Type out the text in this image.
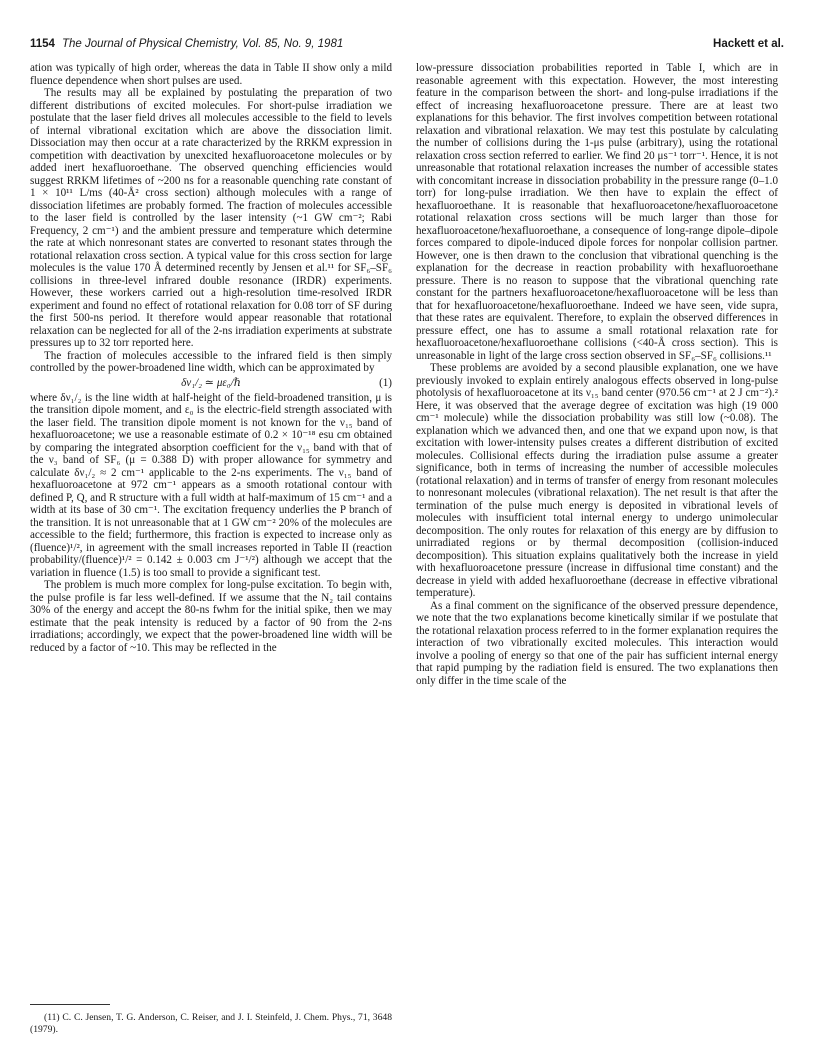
1154 The Journal of Physical Chemistry, Vol. 85, No. 9, 1981	Hackett et al.

ation was typically of high order, whereas the data in Table II show only a mild fluence dependence when short pulses are used.

The results may all be explained by postulating the preparation of two different distributions of excited molecules. For short-pulse irradiation we postulate that the laser field drives all molecules accessible to the field to levels of internal vibrational excitation which are above the dissociation limit. Dissociation may then occur at a rate characterized by the RRKM expression in competition with deactivation by unexcited hexafluoroacetone molecules or by added inert hexafluoroethane. The observed quenching efficiencies would suggest RRKM lifetimes of ~200 ns for a reasonable quenching rate constant of 1 × 10¹¹ L/ms (40-Å² cross section) although molecules with a range of dissociation lifetimes are probably formed. The fraction of molecules accessible to the laser field is controlled by the laser intensity (~1 GW cm⁻²; Rabi Frequency, 2 cm⁻¹) and the ambient pressure and temperature which determine the rate at which nonresonant states are converted to resonant states through the rotational relaxation cross section. A typical value for this cross section for large molecules is the value 170 Å determined recently by Jensen et al.¹¹ for SF₆–SF₆ collisions in three-level infrared double resonance (IRDR) experiments. However, these workers carried out a high-resolution time-resolved IRDR experiment and found no effect of rotational relaxation for 0.08 torr of SF during the first 500-ns period. It therefore would appear reasonable that rotational relaxation can be neglected for all of the 2-ns irradiation experiments at substrate pressures up to 32 torr reported here.

The fraction of molecules accessible to the infrared field is then simply controlled by the power-broadened line width, which can be approximated by

δν₁/₂ ≃ με₀/ℏ	(1)

where δν₁/₂ is the line width at half-height of the field-broadened transition, μ is the transition dipole moment, and ε₀ is the electric-field strength associated with the laser field. The transition dipole moment is not known for the ν₁₅ band of hexafluoroacetone; we use a reasonable estimate of 0.2 × 10⁻¹⁸ esu cm obtained by comparing the integrated absorption coefficient for the ν₁₅ band with that of the ν₃ band of SF₆ (μ = 0.388 D) with proper allowance for symmetry and calculate δν₁/₂ ≈ 2 cm⁻¹ applicable to the 2-ns experiments. The ν₁₅ band of hexafluoroacetone at 972 cm⁻¹ appears as a smooth rotational contour with defined P, Q, and R structure with a full width at half-maximum of 15 cm⁻¹ and a width at its base of 30 cm⁻¹. The excitation frequency underlies the P branch of the transition. It is not unreasonable that at 1 GW cm⁻² 20% of the molecules are accessible to the field; furthermore, this fraction is expected to increase only as (fluence)¹/², in agreement with the small increases reported in Table II (reaction probability/(fluence)¹/² = 0.142 ± 0.003 cm J⁻¹/²) although we accept that the variation in fluence (1.5) is too small to provide a significant test.

The problem is much more complex for long-pulse excitation. To begin with, the pulse profile is far less well-defined. If we assume that the N₂ tail contains 30% of the energy and accept the 80-ns fwhm for the initial spike, then we may estimate that the peak intensity is reduced by a factor of 90 from the 2-ns irradiations; accordingly, we expect that the power-broadened line width will be reduced by a factor of ~10. This may be reflected in the

(11) C. C. Jensen, T. G. Anderson, C. Reiser, and J. I. Steinfeld, J. Chem. Phys., 71, 3648 (1979).

low-pressure dissociation probabilities reported in Table I, which are in reasonable agreement with this expectation. However, the most interesting feature in the comparison between the short- and long-pulse irradiations if the effect of increasing hexafluoroacetone pressure. There are at least two explanations for this behavior. The first involves competition between rotational relaxation and vibrational relaxation. We may test this postulate by calculating the number of collisions during the 1-μs pulse (arbitrary), using the rotational relaxation cross section referred to earlier. We find 20 μs⁻¹ torr⁻¹. Hence, it is not unreasonable that rotational relaxation increases the number of accessible states with concomitant increase in dissociation probability in the pressure range (0–1.0 torr) for long-pulse irradiation. We then have to explain the effect of hexafluoroethane. It is reasonable that hexafluoroacetone/hexafluoroacetone rotational relaxation cross sections will be much larger than those for hexafluoroacetone/hexafluoroethane, a consequence of long-range dipole–dipole forces compared to dipole-induced dipole forces for nonpolar collision partner. However, one is then drawn to the conclusion that vibrational quenching is the explanation for the decrease in reaction probability with hexafluoroethane pressure. There is no reason to suppose that the vibrational quenching rate constant for the partners hexafluoroacetone/hexafluoroacetone will be less than that for hexafluoroacetone/hexafluoroethane. Indeed we have seen, vide supra, that these rates are equivalent. Therefore, to explain the observed differences in pressure effect, one has to assume a small rotational relaxation rate for hexafluoroacetone/hexafluoroethane collisions (<40-Å cross section). This is unreasonable in light of the large cross section observed in SF₆–SF₆ collisions.¹¹

These problems are avoided by a second plausible explanation, one we have previously invoked to explain entirely analogous effects observed in long-pulse photolysis of hexafluoroacetone at its ν₁₅ band center (970.56 cm⁻¹ at 2 J cm⁻²).² Here, it was observed that the average degree of excitation was high (19 000 cm⁻¹ molecule) while the dissociation probability was still low (~0.08). The explanation which we advanced then, and one that we expand upon now, is that excitation with lower-intensity pulses creates a different distribution of excited molecules. Collisional effects during the irradiation pulse assume a greater significance, both in terms of increasing the number of accessible molecules (rotational relaxation) and in terms of transfer of energy from resonant molecules to nonresonant molecules (vibrational relaxation). The net result is that after the termination of the pulse much energy is deposited in vibrational levels of molecules with insufficient total internal energy to undergo unimolecular decomposition. The only routes for relaxation of this energy are by diffusion to unirradiated regions or by thermal decomposition (collision-induced decomposition). This situation explains qualitatively both the increase in yield with hexafluoroacetone pressure (increase in diffusional time constant) and the decrease in yield with added hexafluoroethane (decrease in effective vibrational temperature).

As a final comment on the significance of the observed pressure dependence, we note that the two explanations become kinetically similar if we postulate that the rotational relaxation process referred to in the former explanation requires the interaction of two vibrationally excited molecules. This interaction would involve a pooling of energy so that one of the pair has sufficient internal energy that rapid pumping by the radiation field is ensured. The two explanations then only differ in the time scale of the
